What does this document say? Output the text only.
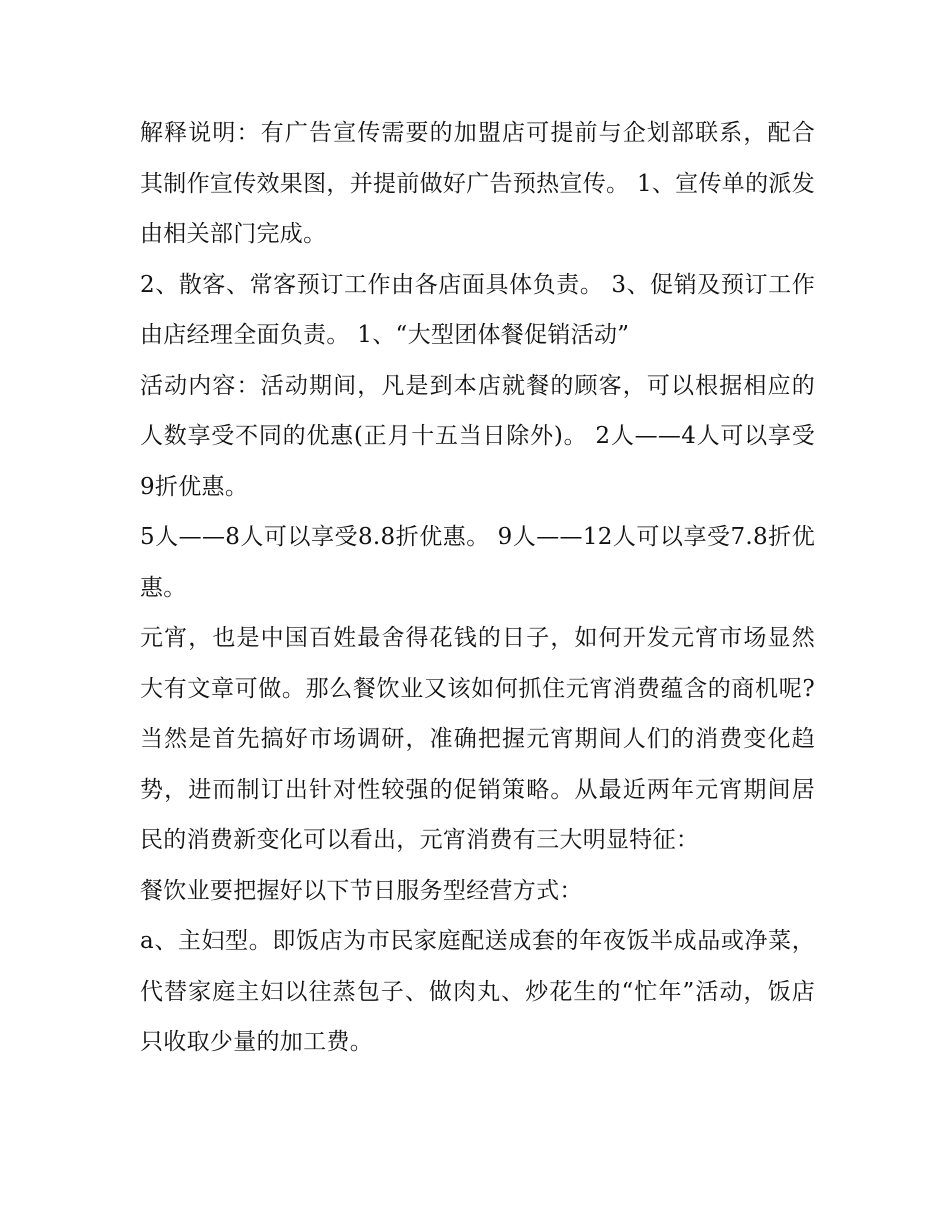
解释说明：有广告宣传需要的加盟店可提前与企划部联系，配合其制作宣传效果图，并提前做好广告预热宣传。 1、宣传单的派发由相关部门完成。

2、散客、常客预订工作由各店面具体负责。 3、促销及预订工作由店经理全面负责。 1、“大型团体餐促销活动”

活动内容：活动期间，凡是到本店就餐的顾客，可以根据相应的人数享受不同的优惠(正月十五当日除外)。 2人——4人可以享受9折优惠。

5人——8人可以享受8.8折优惠。 9人——12人可以享受7.8折优惠。

元宵，也是中国百姓最舍得花钱的日子，如何开发元宵市场显然大有文章可做。那么餐饮业又该如何抓住元宵消费蕴含的商机呢?当然是首先搞好市场调研，准确把握元宵期间人们的消费变化趋势，进而制订出针对性较强的促销策略。从最近两年元宵期间居民的消费新变化可以看出，元宵消费有三大明显特征：

餐饮业要把握好以下节日服务型经营方式：

a、主妇型。即饭店为市民家庭配送成套的年夜饭半成品或净菜，代替家庭主妇以往蒸包子、做肉丸、炒花生的“忙年”活动，饭店只收取少量的加工费。
